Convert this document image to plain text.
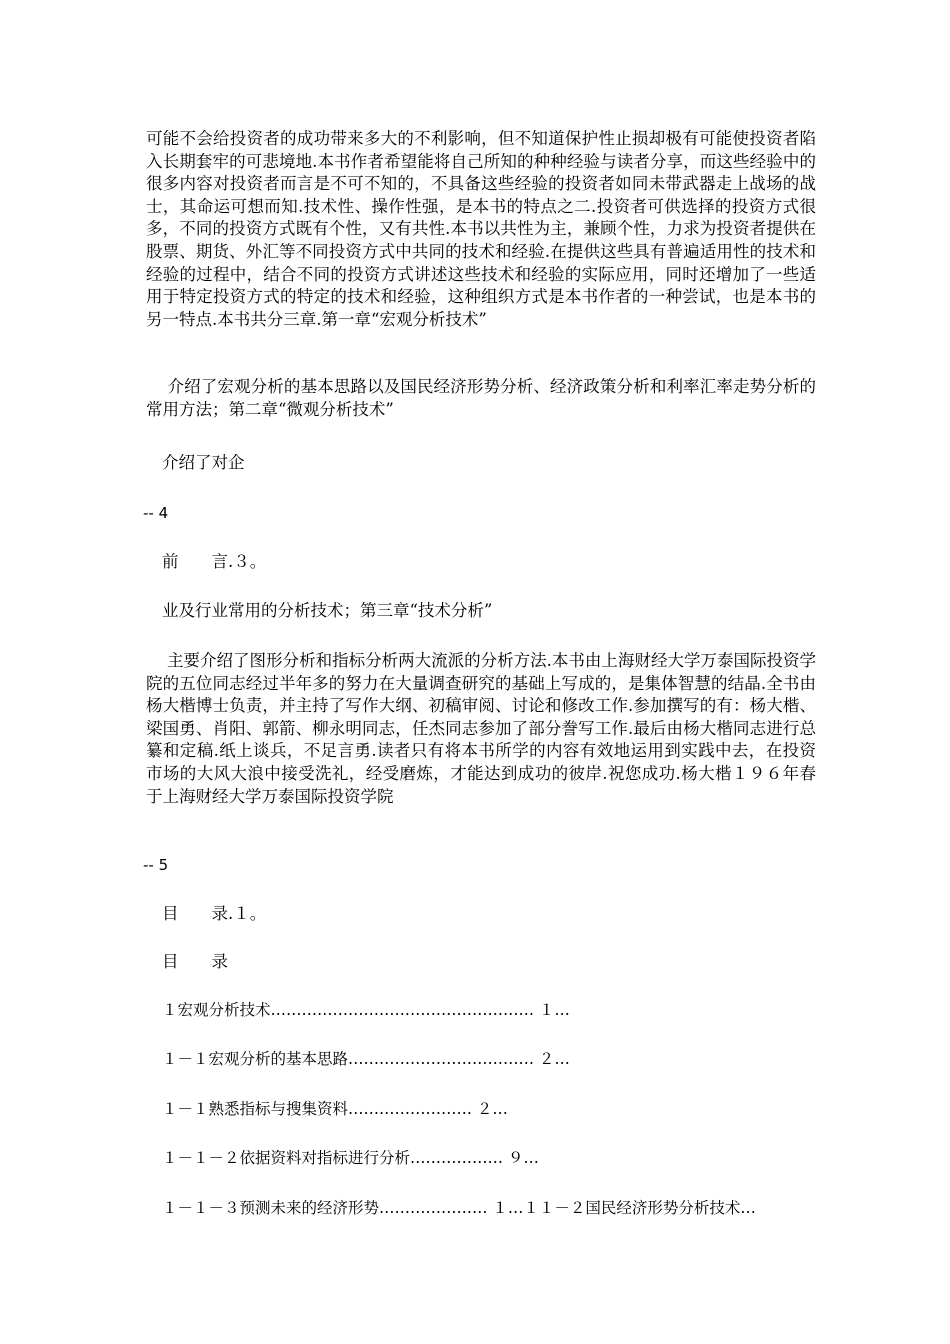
可能不会给投资者的成功带来多大的不利影响，但不知道保护性止损却极有可能使投资者陷入长期套牢的可悲境地.本书作者希望能将自己所知的种种经验与读者分享，而这些经验中的很多内容对投资者而言是不可不知的，不具备这些经验的投资者如同未带武器走上战场的战士，其命运可想而知.技术性、操作性强，是本书的特点之二.投资者可供选择的投资方式很多，不同的投资方式既有个性，又有共性.本书以共性为主，兼顾个性，力求为投资者提供在股票、期货、外汇等不同投资方式中共同的技术和经验.在提供这些具有普遍适用性的技术和经验的过程中，结合不同的投资方式讲述这些技术和经验的实际应用，同时还增加了一些适用于特定投资方式的特定的技术和经验，这种组织方式是本书作者的一种尝试，也是本书的另一特点.本书共分三章.第一章“宏观分析技术”
介绍了宏观分析的基本思路以及国民经济形势分析、经济政策分析和利率汇率走势分析的常用方法；第二章“微观分析技术”
介绍了对企
-- 4
前　　言.３。
业及行业常用的分析技术；第三章“技术分析”
主要介绍了图形分析和指标分析两大流派的分析方法.本书由上海财经大学万泰国际投资学院的五位同志经过半年多的努力在大量调查研究的基础上写成的，是集体智慧的结晶.全书由杨大楷博士负责，并主持了写作大纲、初稿审阅、讨论和修改工作.参加撰写的有：杨大楷、梁国勇、肖阳、郭箭、柳永明同志，任杰同志参加了部分誊写工作.最后由杨大楷同志进行总纂和定稿.纸上谈兵，不足言勇.读者只有将本书所学的内容有效地运用到实践中去，在投资市场的大风大浪中接受洗礼，经受磨炼，才能达到成功的彼岸.祝您成功.杨大楷１９６年春于上海财经大学万泰国际投资学院
-- 5
目　　录.１。
目　　录
１宏观分析技术…………………………………………… １…
１－１宏观分析的基本思路……………………………… ２…
１－１熟悉指标与搜集资料…………………… ２…
１－１－２依据资料对指标进行分析……………… ９…
１－１－３预测未来的经济形势………………… １…１１－２国民经济形势分析技术…
